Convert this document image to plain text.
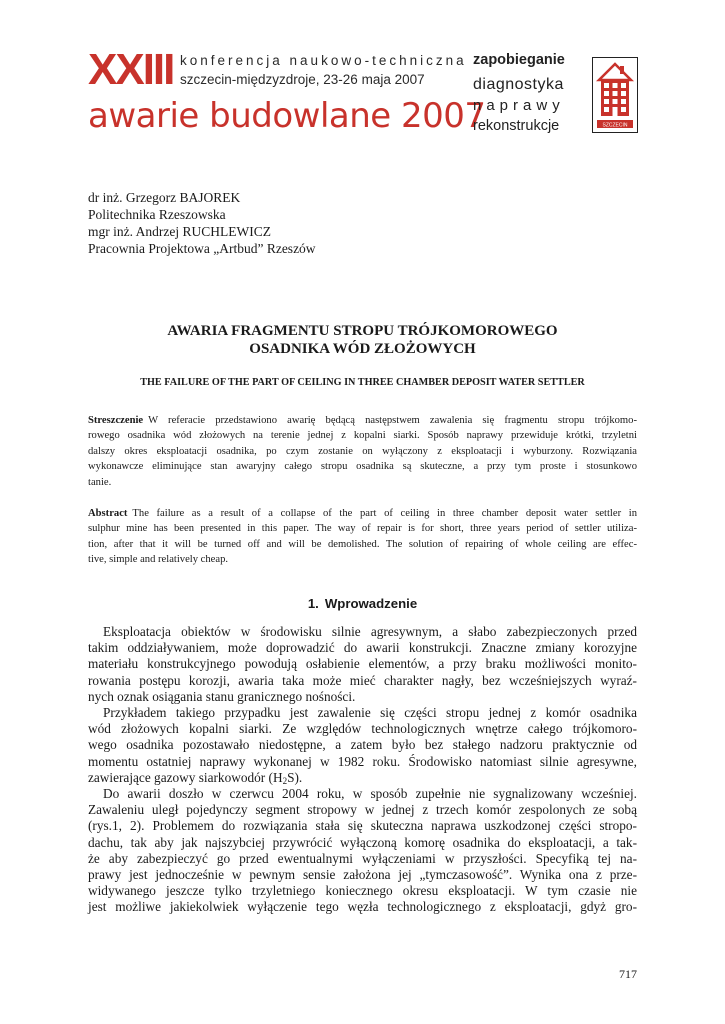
XXIII konferencja naukowo-techniczna
szczecin-międzyzdroje, 23-26 maja 2007
awarie budowlane 2007
zapobieganie
diagnostyka
naprawy
rekonstrukcje	SZCZECIN
dr inż. Grzegorz BAJOREK
Politechnika Rzeszowska
mgr inż. Andrzej RUCHLEWICZ
Pracownia Projektowa „Artbud” Rzeszów
AWARIA FRAGMENTU STROPU TRÓJKOMOROWEGO
OSADNIKA WÓD ZŁOŻOWYCH
THE FAILURE OF THE PART OF CEILING IN THREE CHAMBER DEPOSIT WATER SETTLER
Streszczenie W referacie przedstawiono awarię będącą następstwem zawalenia się fragmentu stropu trójkomo-
rowego osadnika wód złożowych na terenie jednej z kopalni siarki. Sposób naprawy przewiduje krótki, trzyletni
dalszy okres eksploatacji osadnika, po czym zostanie on wyłączony z eksploatacji i wyburzony. Rozwiązania
wykonawcze eliminujące stan awaryjny całego stropu osadnika są skuteczne, a przy tym proste i stosunkowo
tanie.
Abstract The failure as a result of a collapse of the part of ceiling in three chamber deposit water settler in
sulphur mine has been presented in this paper. The way of repair is for short, three years period of settler utiliza-
tion, after that it will be turned off and will be demolished. The solution of repairing of whole ceiling are effec-
tive, simple and relatively cheap.
1. Wprowadzenie
Eksploatacja obiektów w środowisku silnie agresywnym, a słabo zabezpieczonych przed
takim oddziaływaniem, może doprowadzić do awarii konstrukcji. Znaczne zmiany korozyjne
materiału konstrukcyjnego powodują osłabienie elementów, a przy braku możliwości monito-
rowania postępu korozji, awaria taka może mieć charakter nagły, bez wcześniejszych wyraź-
nych oznak osiągania stanu granicznego nośności.
Przykładem takiego przypadku jest zawalenie się części stropu jednej z komór osadnika
wód złożowych kopalni siarki. Ze względów technologicznych wnętrze całego trójkomoro-
wego osadnika pozostawało niedostępne, a zatem było bez stałego nadzoru praktycznie od
momentu ostatniej naprawy wykonanej w 1982 roku. Środowisko natomiast silnie agresywne,
zawierające gazowy siarkowodór $(H_2S)$.
Do awarii doszło w czerwcu 2004 roku, w sposób zupełnie nie sygnalizowany wcześniej.
Zawaleniu uległ pojedynczy segment stropowy w jednej z trzech komór zespolonych ze sobą
(rys.1, 2). Problemem do rozwiązania stała się skuteczna naprawa uszkodzonej części stropo-
dachu, tak aby jak najszybciej przywrócić wyłączoną komorę osadnika do eksploatacji, a tak-
że aby zabezpieczyć go przed ewentualnymi wyłączeniami w przyszłości. Specyfiką tej na-
prawy jest jednocześnie w pewnym sensie założona jej „tymczasowość”. Wynika ona z prze-
widywanego jeszcze tylko trzyletniego koniecznego okresu eksploatacji. W tym czasie nie
jest możliwe jakiekolwiek wyłączenie tego węzła technologicznego z eksploatacji, gdyż gro-
717
